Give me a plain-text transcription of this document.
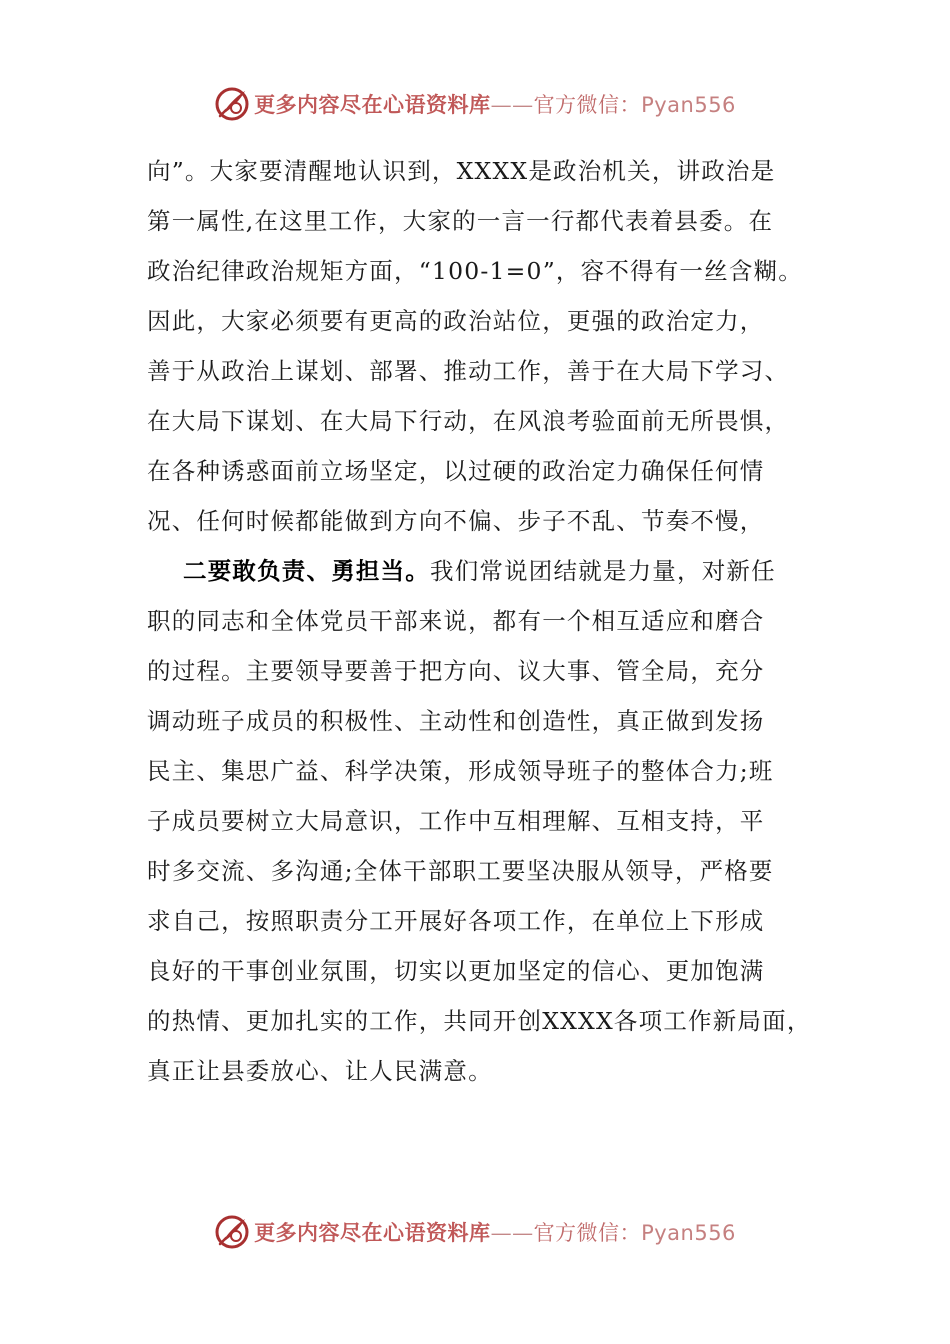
更多内容尽在心语资料库——官方微信：Pyan556
向”。大家要清醒地认识到，XXXX是政治机关，讲政治是
第一属性,在这里工作，大家的一言一行都代表着县委。在
政治纪律政治规矩方面，“100-1=0”，容不得有一丝含糊。
因此，大家必须要有更高的政治站位，更强的政治定力，
善于从政治上谋划、部署、推动工作，善于在大局下学习、
在大局下谋划、在大局下行动，在风浪考验面前无所畏惧，
在各种诱惑面前立场坚定，以过硬的政治定力确保任何情
况、任何时候都能做到方向不偏、步子不乱、节奏不慢，
二要敢负责、勇担当。我们常说团结就是力量，对新任
职的同志和全体党员干部来说，都有一个相互适应和磨合
的过程。主要领导要善于把方向、议大事、管全局，充分
调动班子成员的积极性、主动性和创造性，真正做到发扬
民主、集思广益、科学决策，形成领导班子的整体合力;班
子成员要树立大局意识，工作中互相理解、互相支持，平
时多交流、多沟通;全体干部职工要坚决服从领导，严格要
求自己，按照职责分工开展好各项工作，在单位上下形成
良好的干事创业氛围，切实以更加坚定的信心、更加饱满
的热情、更加扎实的工作，共同开创XXXX各项工作新局面，
真正让县委放心、让人民满意。
更多内容尽在心语资料库——官方微信：Pyan556
